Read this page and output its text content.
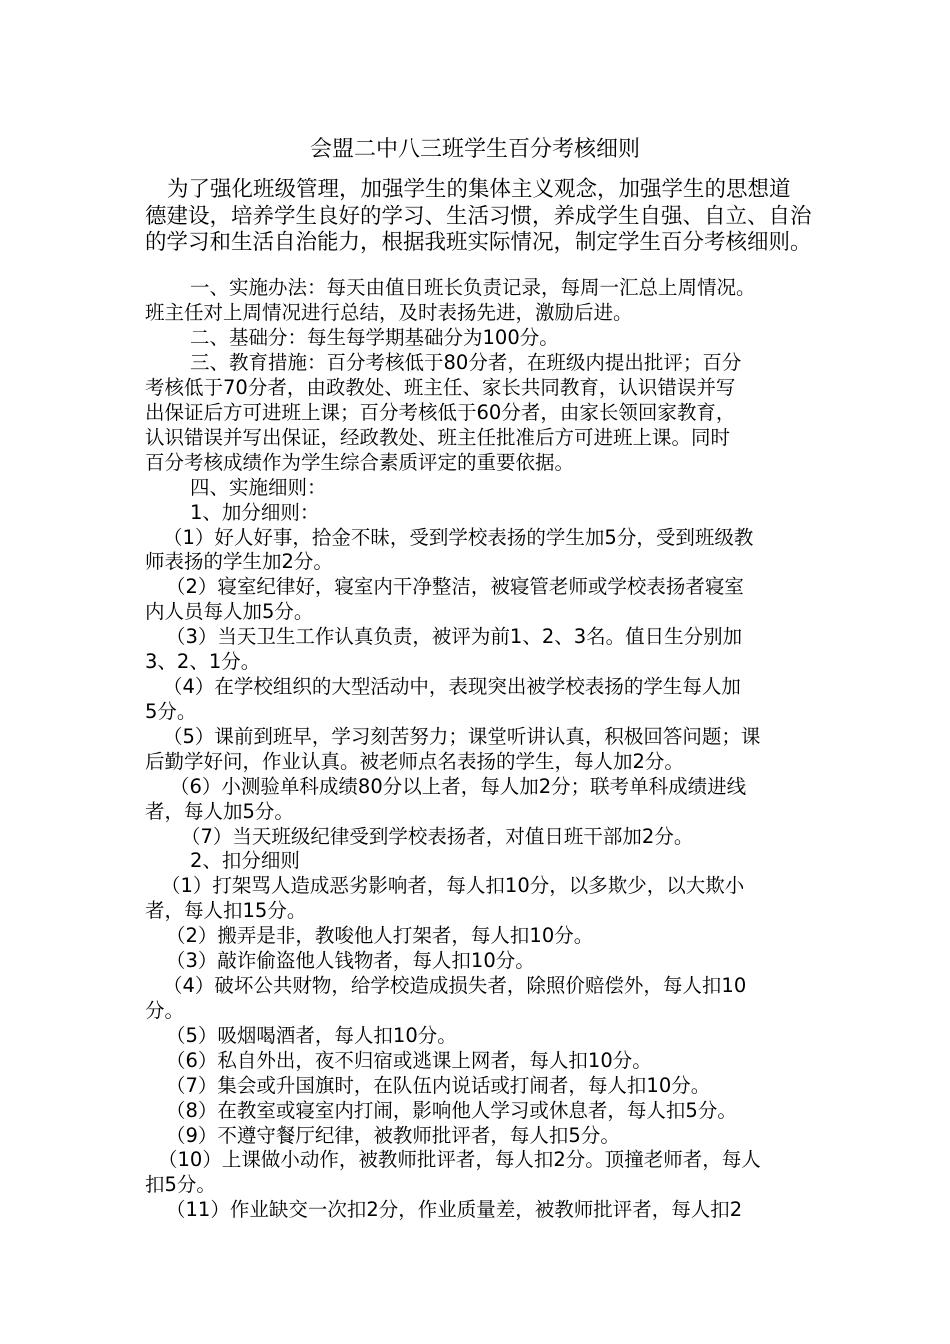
会盟二中八三班学生百分考核细则

为了强化班级管理，加强学生的集体主义观念，加强学生的思想道

德建设，培养学生良好的学习、生活习惯，养成学生自强、自立、自治

的学习和生活自治能力，根据我班实际情况，制定学生百分考核细则。

一、实施办法：每天由值日班长负责记录，每周一汇总上周情况。

班主任对上周情况进行总结，及时表扬先进，激励后进。

二、基础分：每生每学期基础分为100分。

三、教育措施：百分考核低于80分者，在班级内提出批评；百分

考核低于70分者，由政教处、班主任、家长共同教育，认识错误并写

出保证后方可进班上课；百分考核低于60分者，由家长领回家教育，

认识错误并写出保证，经政教处、班主任批准后方可进班上课。同时

百分考核成绩作为学生综合素质评定的重要依据。

四、实施细则：

1、加分细则：

（1）好人好事，拾金不昧，受到学校表扬的学生加5分，受到班级教

师表扬的学生加2分。

（2）寝室纪律好，寝室内干净整洁，被寝管老师或学校表扬者寝室

内人员每人加5分。

（3）当天卫生工作认真负责，被评为前1、2、3名。值日生分别加

3、2、1分。

（4）在学校组织的大型活动中，表现突出被学校表扬的学生每人加

5分。

（5）课前到班早，学习刻苦努力；课堂听讲认真，积极回答问题；课

后勤学好问，作业认真。被老师点名表扬的学生，每人加2分。

（6）小测验单科成绩80分以上者，每人加2分；联考单科成绩进线

者，每人加5分。

（7）当天班级纪律受到学校表扬者，对值日班干部加2分。

2、扣分细则

（1）打架骂人造成恶劣影响者，每人扣10分，以多欺少，以大欺小

者，每人扣15分。

（2）搬弄是非，教唆他人打架者，每人扣10分。

（3）敲诈偷盗他人钱物者，每人扣10分。

（4）破坏公共财物，给学校造成损失者，除照价赔偿外，每人扣10

分。

（5）吸烟喝酒者，每人扣10分。

（6）私自外出，夜不归宿或逃课上网者，每人扣10分。

（7）集会或升国旗时，在队伍内说话或打闹者，每人扣10分。

（8）在教室或寝室内打闹，影响他人学习或休息者，每人扣5分。

（9）不遵守餐厅纪律，被教师批评者，每人扣5分。

（10）上课做小动作，被教师批评者，每人扣2分。顶撞老师者，每人

扣5分。

（11）作业缺交一次扣2分，作业质量差，被教师批评者，每人扣2
